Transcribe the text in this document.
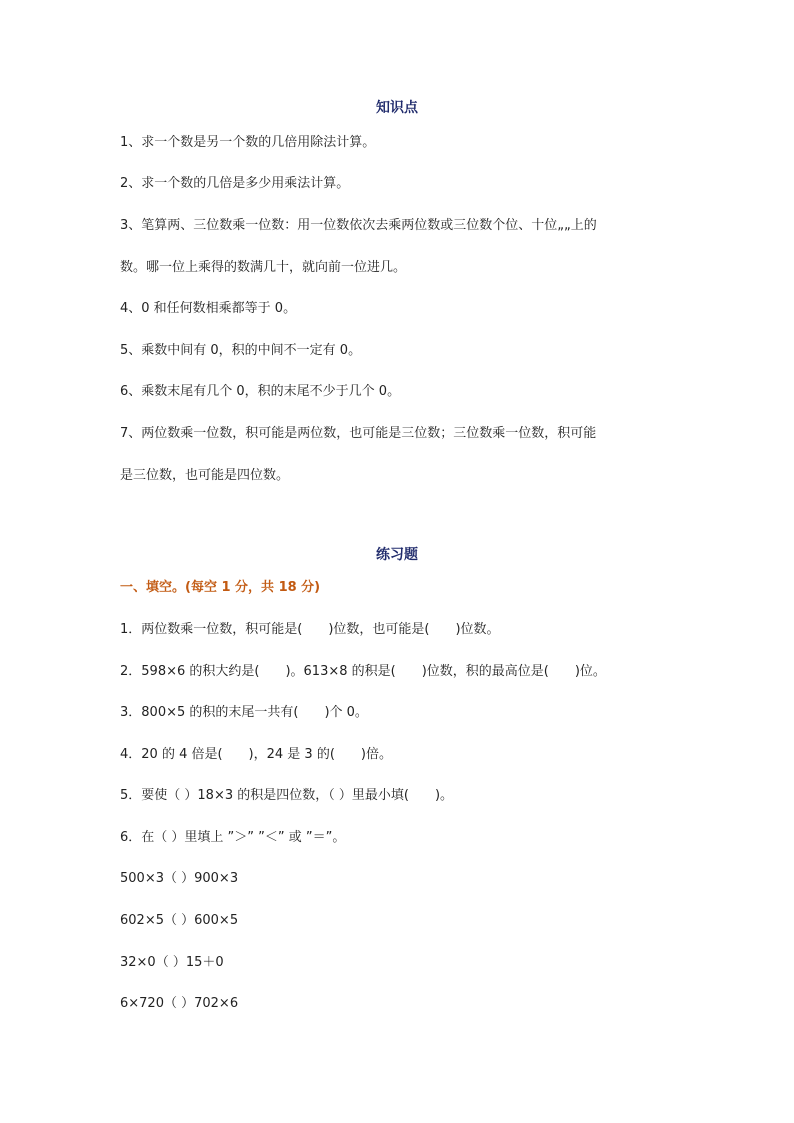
知识点
1、求一个数是另一个数的几倍用除法计算。
2、求一个数的几倍是多少用乘法计算。
3、笔算两、三位数乘一位数：用一位数依次去乘两位数或三位数个位、十位„„上的
数。哪一位上乘得的数满几十，就向前一位进几。
4、0 和任何数相乘都等于 0。
5、乘数中间有 0，积的中间不一定有 0。
6、乘数末尾有几个 0，积的末尾不少于几个 0。
7、两位数乘一位数，积可能是两位数，也可能是三位数；三位数乘一位数，积可能
是三位数，也可能是四位数。
练习题
一、填空。(每空 1 分，共 18 分)
1．两位数乘一位数，积可能是(　　)位数，也可能是(　　)位数。
2．598×6 的积大约是(　　)。613×8 的积是(　　)位数，积的最高位是(　　)位。
3．800×5 的积的末尾一共有(　　)个 0。
4．20 的 4 倍是(　　)，24 是 3 的(　　)倍。
5．要使（ ）18×3 的积是四位数，（ ）里最小填(　　)。
6．在（ ）里填上 ”＞” ”＜” 或 ”＝”。
500×3（ ）900×3
602×5（ ）600×5
32×0（ ）15＋0
6×720（ ）702×6
